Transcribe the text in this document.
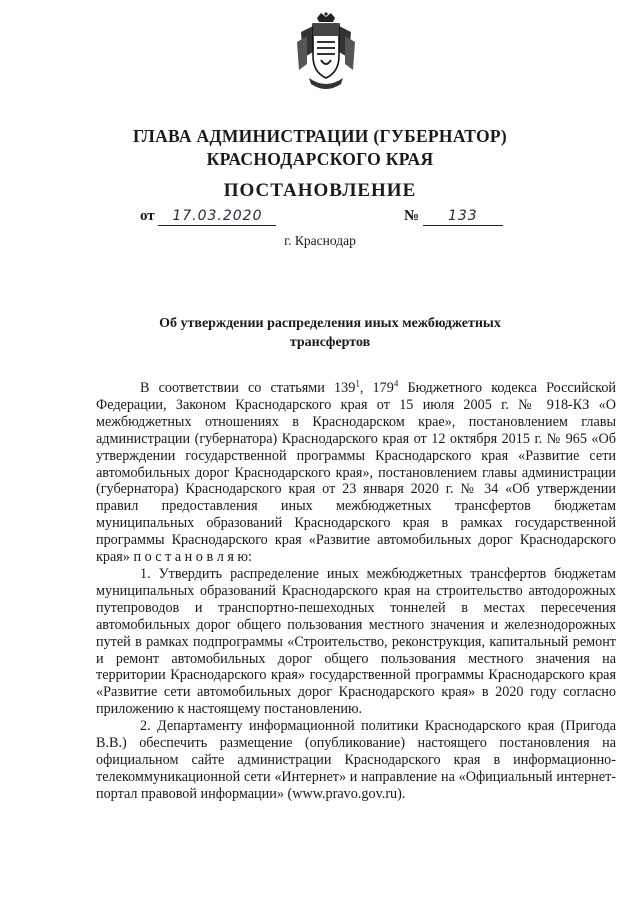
ГЛАВА АДМИНИСТРАЦИИ (ГУБЕРНАТОР)
КРАСНОДАРСКОГО КРАЯ
ПОСТАНОВЛЕНИЕ
от 17.03.2020	№ 133
г. Краснодар
Об утверждении распределения иных межбюджетных
трансфертов

В соответствии со статьями $139^1$, $179^4$ Бюджетного кодекса Российской Федерации, Законом Краснодарского края от 15 июля 2005 г. № 918-КЗ «О межбюджетных отношениях в Краснодарском крае», постановлением главы администрации (губернатора) Краснодарского края от 12 октября 2015 г. № 965 «Об утверждении государственной программы Краснодарского края «Развитие сети автомобильных дорог Краснодарского края», постановлением главы администрации (губернатора) Краснодарского края от 23 января 2020 г. № 34 «Об утверждении правил предоставления иных межбюджетных трансфертов бюджетам муниципальных образований Краснодарского края в рамках государственной программы Краснодарского края «Развитие автомобильных дорог Краснодарского края» п о с т а н о в л я ю:

1. Утвердить распределение иных межбюджетных трансфертов бюджетам муниципальных образований Краснодарского края на строительство автодорожных путепроводов и транспортно-пешеходных тоннелей в местах пересечения автомобильных дорог общего пользования местного значения и железнодорожных путей в рамках подпрограммы «Строительство, реконструкция, капитальный ремонт и ремонт автомобильных дорог общего пользования местного значения на территории Краснодарского края» государственной программы Краснодарского края «Развитие сети автомобильных дорог Краснодарского края» в 2020 году согласно приложению к настоящему постановлению.

2. Департаменту информационной политики Краснодарского края (Пригода В.В.) обеспечить размещение (опубликование) настоящего постановления на официальном сайте администрации Краснодарского края в информационно-телекоммуникационной сети «Интернет» и направление на «Официальный интернет-портал правовой информации» (www.pravo.gov.ru).
